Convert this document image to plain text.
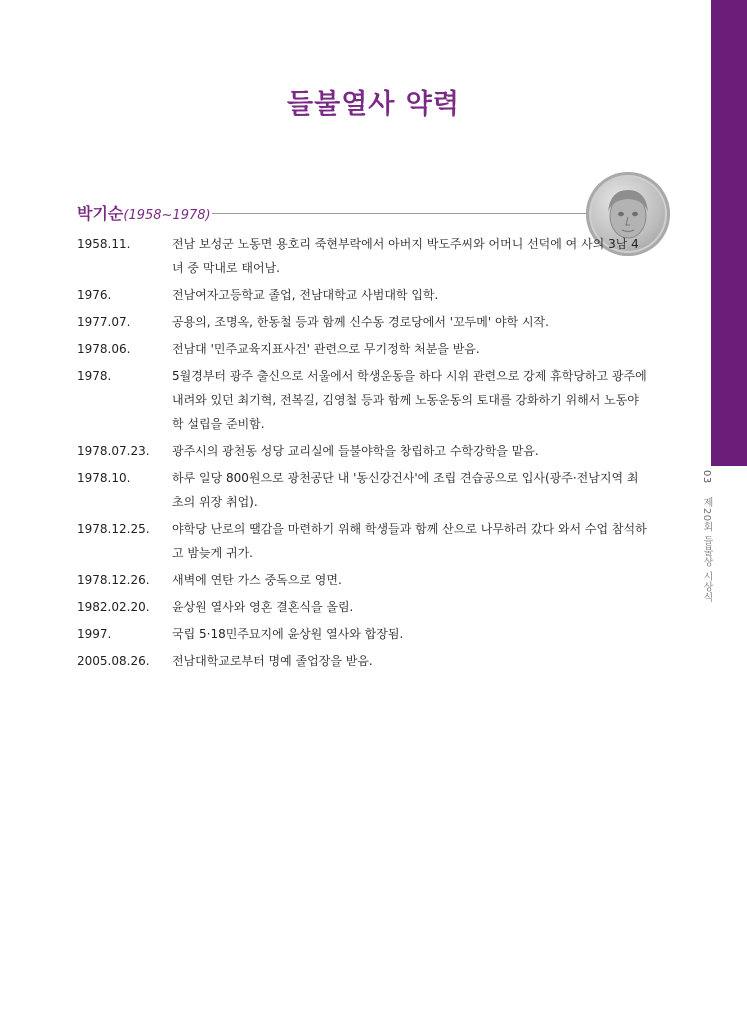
03 제20회 들불상 시상식
들불열사 약력
박기순(1958~1978)
1958.11.	전남 보성군 노동면 용호리 죽현부락에서 아버지 박도주씨와 어머니 선덕에 여 사의 3남 4녀 중 막내로 태어남.
1976.	전남여자고등학교 졸업, 전남대학교 사범대학 입학.
1977.07.	공용의, 조명옥, 한동철 등과 함께 신수동 경로당에서 '꼬두메' 야학 시작.
1978.06.	전남대 '민주교육지표사건' 관련으로 무기정학 처분을 받음.
1978.	5월경부터 광주 출신으로 서울에서 학생운동을 하다 시위 관련으로 강제 휴학당하고 광주에 내려와 있던 최기혁, 전복길, 김영철 등과 함께 노동운동의 토대를 강화하기 위해서 노동야학 설립을 준비함.
1978.07.23.	광주시의 광천동 성당 교리실에 들불야학을 창립하고 수학강학을 맡음.
1978.10.	하루 일당 800원으로 광천공단 내 '동신강건사'에 조립 견습공으로 입사(광주·전남지역 최초의 위장 취업).
1978.12.25.	야학당 난로의 땔감을 마련하기 위해 학생들과 함께 산으로 나무하러 갔다 와서 수업 참석하고 밤늦게 귀가.
1978.12.26.	새벽에 연탄 가스 중독으로 영면.
1982.02.20.	윤상원 열사와 영혼 결혼식을 올림.
1997.	국립 5·18민주묘지에 윤상원 열사와 합장됨.
2005.08.26.	전남대학교로부터 명예 졸업장을 받음.
